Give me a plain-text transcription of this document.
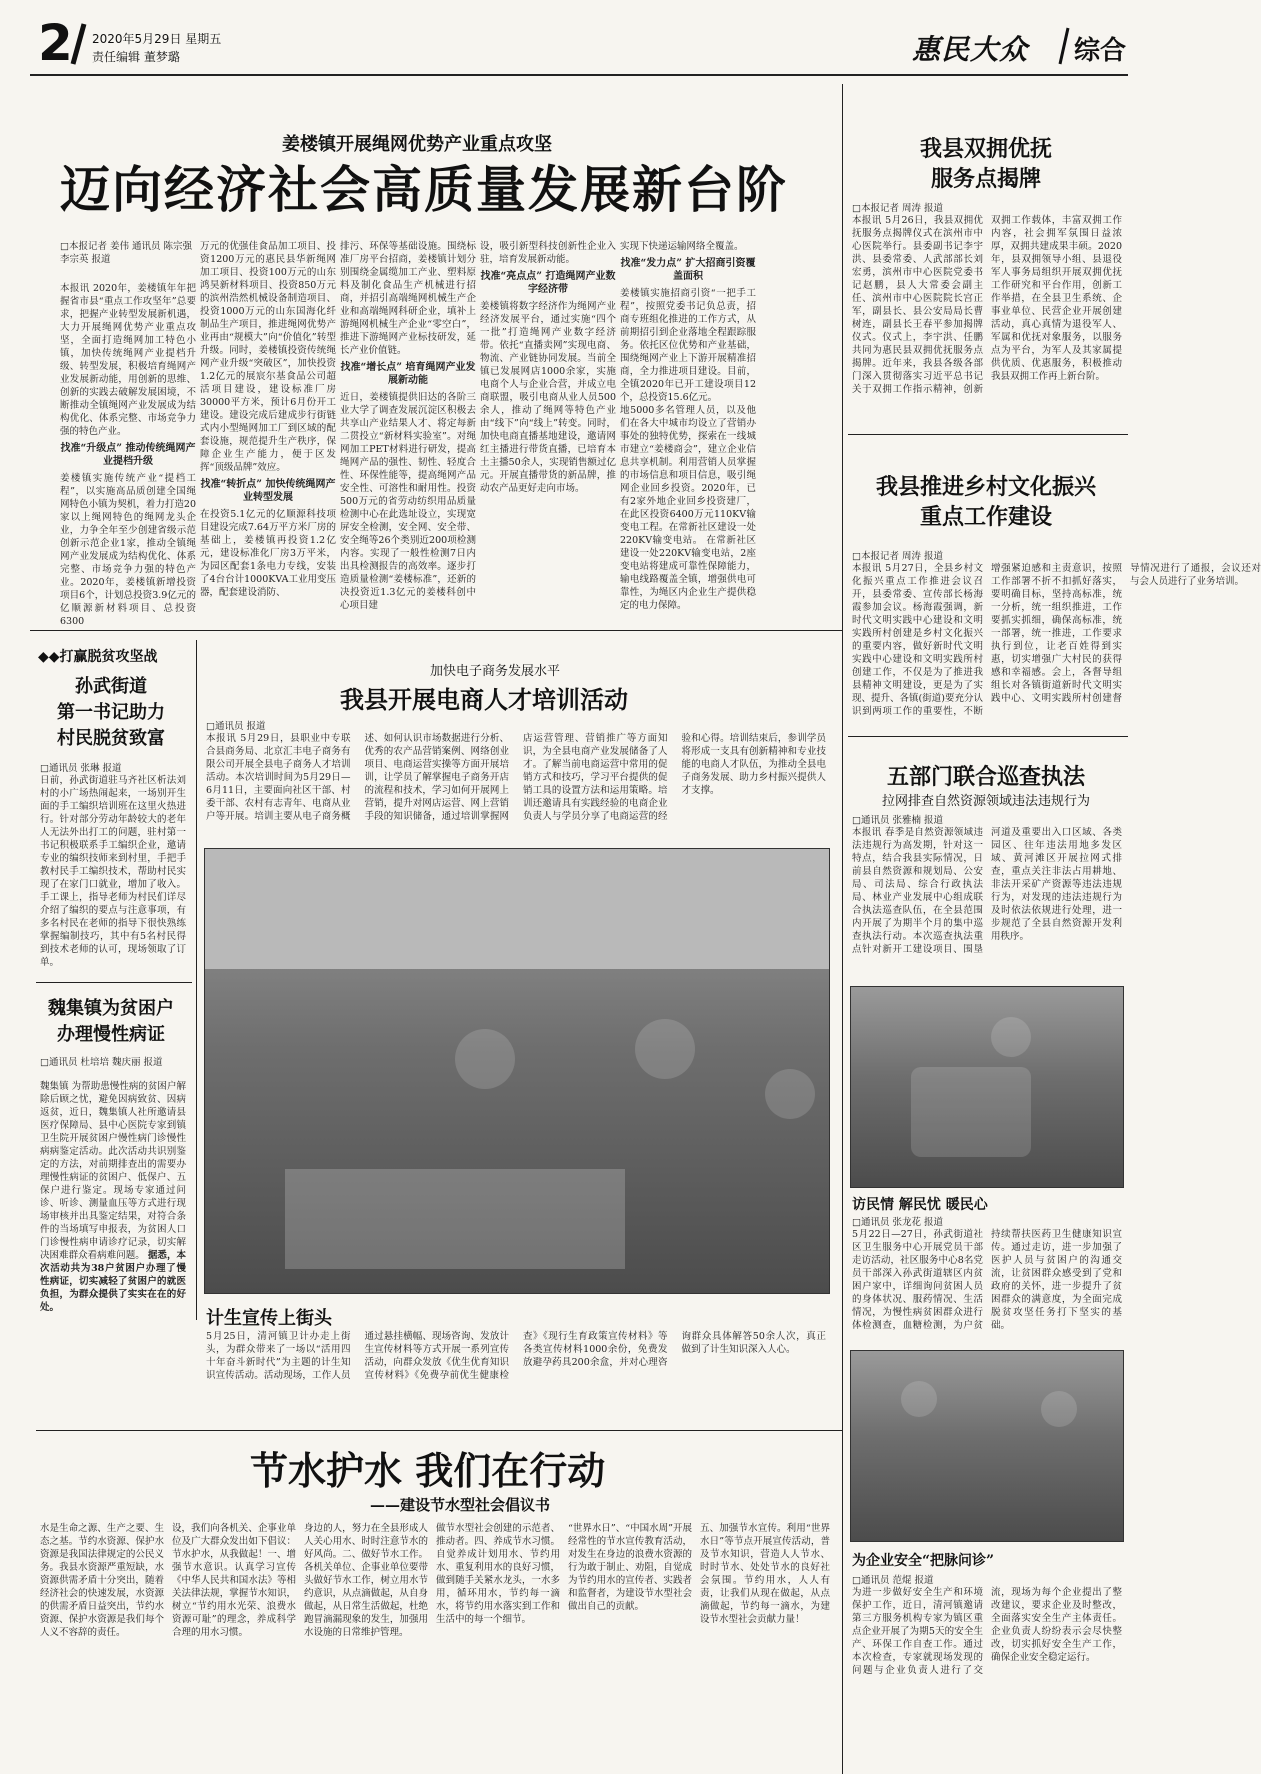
2 2020年5月29日 星期五
责任编辑 董梦璐	惠民大众 综合
姜楼镇开展绳网优势产业重点攻坚
迈向经济社会高质量发展新台阶
□本报记者 姜伟 通讯员 陈宗强 李宗英 报道
本报讯 2020年，姜楼镇年年把握省市县“重点工作攻坚年”总要求，把握产业转型发展新机遇，大力开展绳网优势产业重点攻坚，全面打造绳网加工特色小镇，加快传统绳网产业提档升级、转型发展，积极培育绳网产业发展新动能，用创新的思维、创新的实践去破解发展困境，不断推动全镇绳网产业发展成为结构优化、体系完整、市场竞争力强的特色产业。
找准“升级点” 推动传统绳网产业提档升级
姜楼镇实施传统产业“提档工程”，以实施高品质创建全国绳网特色小镇为契机，着力打造20家以上绳网特色的绳网龙头企业，力争全年至少创建省级示范创新示范企业1家，推动全镇绳网产业发展成为结构优化、体系完整、市场竞争力强的特色产业。2020年，姜楼镇新增投资项目6个，计划总投资3.9亿元的亿顺源新材料项目、总投资6300
万元的优强佳食品加工项目、投资1200万元的惠民县华新绳网加工项目、投资100万元的山东鸿昊新材料项目、投资850万元的滨州浩然机械设备制造项目、投资1000万元的山东国海化纤制品生产项目，推进绳网优势产业再由“规模大”向“价值化”转型升级。同时，姜楼镇投资传统绳网产业升级“突破区”，加快投资1.2亿元的展宸尔基食品公司超活项目建设，建设标准厂房30000平方米，预计6月份开工建设。建设完成后建成步行街链式内小型绳网加工厂到区域的配套设施，规范提升生产秩序，保障企业生产能力，便于区发挥“顶级品牌”效应。
找准“转折点” 加快传统绳网产业转型发展
在投资5.1亿元的亿顺源科技项目建设完成7.64万平方米厂房的基础上，姜楼镇再投资1.2亿元，建设标准化厂房3万平米，为园区配套1条电力专线，安装了4台台计1000KVA工业用变压器，配套建设消防、
排污、环保等基础设施。围绕标准厂房平台招商，姜楼镇计划分别围绕金属缆加工产业、塑料原料及制化食品生产机械进行招商，并招引高端绳网机械生产企业和高端绳网科研企业，填补上游绳网机械生产企业“零空白”，推进下游绳网产业标技研发，延长产业价值链。
找准“增长点” 培育绳网产业发展新动能
近日，姜楼镇提供旧达的各阶三业大学了调查发展沉淀区积极去共享山产业结果人才、将定每新二贯投立“新材料实验室”。对绳网加工PET材料进行研发，提高绳网产品的强性、韧性、轻度合性、环保性能等，提高绳网产品安全性、可溶性和耐用性。投资500万元的省劳动纺织用品质量检测中心在此选址设立，实现宽屏安全检测，安全网、安全带、安全绳等26个类别近200项检测内容。实现了一般性检测7日内出具检测报告的高效率。逐步打造质量检测“姜楼标准”，还新的决投资近1.3亿元的姜楼科创中心项目建
设，吸引新型科技创新性企业入驻，培育发展新动能。
找准“亮点点” 打造绳网产业数字经济带
姜楼镇将数字经济作为绳网产业经济发展平台，通过实施“四个一批”打造绳网产业数字经济带。依托“直播卖网”实现电商、物流、产业链协同发展。当前全镇已发展网店1000余家，实施电商个人与企业合营，并成立电商联盟，吸引电商从业人员500余人，推动了绳网等特色产业由“线下”向“线上”转变。同时，加快电商直播基地建设，邀请网红主播进行带货直播，已培育本土主播50余人，实现销售额过亿元。开展直播带货的新品牌，推动农产品更好走向市场。
实现下快递运输网络全覆盖。
找准“发力点” 扩大招商引资覆盖面积
姜楼镇实施招商引资“一把手工程”，按照党委书记负总责，招商专班组化推进的工作方式，从前期招引到企业落地全程跟踪服务。依托区位优势和产业基础，围绕绳网产业上下游开展精准招商，全力推进项目建设。目前，全镇2020年已开工建设项目12个，总投资15.6亿元。
地5000多名管理人员，以及他们在各大中城市均设立了营销办事处的独特优势，探索在一线城市建立“姜楼商会”，建立企业信息共享机制。利用营销人员掌握的市场信息和项目信息，吸引绳网企业回乡投资。2020年，已有2家外地企业回乡投资建厂，在此区投资6400万元110KV输变电工程。在常新社区建设一处220KV输变电站。 在常新社区建设一处220KV输变电站，2座变电站将建成可靠性保障能力，输电线路覆盖全镇，增强供电可靠性，为绳区内企业生产提供稳定的电力保障。
我县双拥优抚
服务点揭牌
□本报记者 周涛 报道
本报讯 5月26日，我县双拥优抚服务点揭牌仪式在滨州市中心医院举行。县委副书记李宇洪、县委常委、人武部部长刘宏勇，滨州市中心医院党委书记赵鹏，县人大常委会副主任、滨州市中心医院院长宫正军，副县长、县公安局局长曹树连，副县长王春平参加揭牌仪式。仪式上，李宇洪、任鹏共同为惠民县双拥优抚服务点揭牌。近年来，我县各级各部门深入贯彻落实习近平总书记关于双拥工作指示精神，创新双拥工作载体，丰富双拥工作内容，社会拥军氛围日益浓厚，双拥共建成果丰硕。2020年，县双拥领导小组、县退役军人事务局组织开展双拥优抚工作研究和平台作用，创新工作举措，在全县卫生系统、企事业单位、民营企业开展创建活动，真心真情为退役军人、军属和优抚对象服务，以服务点为平台，为军人及其家属提供优质、优惠服务，积极推动我县双拥工作再上新台阶。
我县推进乡村文化振兴
重点工作建设
□本报记者 周涛 报道
本报讯 5月27日，全县乡村文化振兴重点工作推进会议召开，县委常委、宣传部长杨海霞参加会议。杨海霞强调，新时代文明实践中心建设和文明实践所村创建是乡村文化振兴的重要内容，做好新时代文明实践中心建设和文明实践所村创建工作，不仅是为了推进我县精神文明建设，更是为了实现、提升、各镇(街道)要充分认识到两项工作的重要性，不断增强紧迫感和主责意识，按照工作部署不折不扣抓好落实，要明确目标，坚持高标准，统一分析，统一组织推进，工作要抓实抓细，确保高标准，统一部署，统一推进，工作要求执行到位，让老百姓得到实惠，切实增强广大村民的获得感和幸福感。会上，各督导组组长对各镇街道新时代文明实践中心、文明实践所村创建督导情况进行了通报，会议还对与会人员进行了业务培训。
五部门联合巡查执法
拉网排查自然资源领域违法违规行为
□通讯员 张雅楠 报道
本报讯 春季是自然资源领域违法违规行为高发期，针对这一特点，结合我县实际情况，日前县自然资源和规划局、公安局、司法局、综合行政执法局、林业产业发展中心组成联合执法巡查队伍，在全县范围内开展了为期半个月的集中巡查执法行动。本次巡查执法重点针对新开工建设项目、围垦河道及重要出入口区域、各类园区、往年违法用地多发区域、黄河滩区开展拉网式排查，重点关注非法占用耕地、非法开采矿产资源等违法违规行为，对发现的违法违规行为及时依法依规进行处理，进一步规范了全县自然资源开发利用秩序。
访民情 解民忧 暖民心
□通讯员 张龙花 报道
5月22日—27日，孙武街道社区卫生服务中心开展党员干部走访活动，社区服务中心8名党员干部深入孙武街道辖区内贫困户家中，详细询问贫困人员的身体状况、服药情况、生活情况，为慢性病贫困群众进行体检测查，血糖检测，为户贫持续帮扶医药卫生健康知识宣传。通过走访，进一步加强了医护人员与贫困户的沟通交流，让贫困群众感受到了党和政府的关怀，进一步提升了贫困群众的满意度，为全面完成脱贫攻坚任务打下坚实的基础。
为企业安全“把脉问诊”
□通讯员 范焜 报道
为进一步做好安全生产和环境保护工作，近日，清河镇邀请第三方服务机构专家为镇区重点企业开展了为期5天的安全生产、环保工作自查工作。通过本次检查，专家就现场发现的问题与企业负责人进行了交流，现场为每个企业提出了整改建议，要求企业及时整改，全面落实安全生产主体责任。企业负责人纷纷表示会尽快整改，切实抓好安全生产工作，确保企业安全稳定运行。
◆◆打赢脱贫攻坚战
孙武街道
第一书记助力
村民脱贫致富
□通讯员 张琳 报道
日前，孙武街道驻马齐社区析法刘村的小广场热闹起来，一场别开生面的手工编织培训班在这里火热进行。针对部分劳动年龄较大的老年人无法外出打工的问题，驻村第一书记积极联系手工编织企业，邀请专业的编织技师来到村里，手把手教村民手工编织技术，帮助村民实现了在家门口就业，增加了收入。手工课上，指导老师为村民们详尽介绍了编织的要点与注意事项，有多名村民在老师的指导下很快熟练掌握编制技巧，其中有5名村民得到技术老师的认可，现场领取了订单。
魏集镇为贫困户
办理慢性病证
□通讯员 杜培培 魏庆丽 报道
魏集镇 为帮助患慢性病的贫困户解除后顾之忧，避免因病致贫、因病返贫，近日，魏集镇人社所邀请县医疗保障局、县中心医院专家到镇卫生院开展贫困户慢性病门诊慢性病病鉴定活动。此次活动共识别鉴定的方法，对前期排查出的需要办理慢性病证的贫困户、低保户、五保户进行鉴定。现场专家通过问诊、听诊、测量血压等方式进行现场审核并出具鉴定结果，对符合条件的当场填写申报表，为贫困人口门诊慢性病申请诊疗记录，切实解决困难群众看病难问题。 据悉，本次活动共为38户贫困户办理了慢性病证，切实减轻了贫困户的就医负担，为群众提供了实实在在的好处。
加快电子商务发展水平
我县开展电商人才培训活动
□通讯员 报道
本报讯 5月29日，县职业中专联合县商务局、北京汇丰电子商务有限公司开展全县电子商务人才培训活动。本次培训时间为5月29日—6月11日，主要面向社区干部、村委干部、农村有志青年、电商从业户等开展。培训主要从电子商务概述、如何认识市场数据进行分析、优秀的农产品营销案例、网络创业项目、电商运营实操等方面开展培训，让学员了解掌握电子商务开店的流程和技术，学习如何开展网上营销，提升对网店运营、网上营销手段的知识储备，通过培训掌握网店运营管理、营销推广等方面知识，为全县电商产业发展储备了人才。了解当前电商运营中常用的促销方式和技巧，学习平台提供的促销工具的设置方法和运用策略。培训还邀请具有实践经验的电商企业负责人与学员分享了电商运营的经验和心得。培训结束后，参训学员将形成一支具有创新精神和专业技能的电商人才队伍，为推动全县电子商务发展、助力乡村振兴提供人才支撑。
计生宣传上街头
5月25日，清河镇卫计办走上街头，为群众带来了一场以“活用四十年奋斗新时代”为主题的计生知识宣传活动。活动现场，工作人员通过悬挂横幅、现场咨询、发放计生宣传材料等方式开展一系列宣传活动，向群众发放《优生优育知识宣传材料》《免费孕前优生健康检查》《现行生育政策宣传材料》等各类宣传材料1000余份，免费发放避孕药具200余盒，并对心理咨询群众具体解答50余人次，真正做到了计生知识深入人心。
节水护水 我们在行动
——建设节水型社会倡议书
水是生命之源、生产之要、生态之基。节约水资源、保护水资源是我国法律规定的公民义务。我县水资源严重短缺，水资源供需矛盾十分突出，随着经济社会的快速发展，水资源的供需矛盾日益突出，节约水资源、保护水资源是我们每个人义不容辞的责任。
设，我们向各机关、企事业单位及广大群众发出如下倡议：节水护水，从我做起！一、增强节水意识。认真学习宣传《中华人民共和国水法》等相关法律法规，掌握节水知识，树立“节约用水光荣、浪费水资源可耻”的理念，养成科学合理的用水习惯。
身边的人，努力在全县形成人人关心用水、时时注意节水的好风尚。二、做好节水工作。各机关单位、企事业单位要带头做好节水工作，树立用水节约意识，从点滴做起，从自身做起，从日常生活做起，杜绝跑冒滴漏现象的发生，加强用水设施的日常维护管理。
做节水型社会创建的示范者、推动者。四、养成节水习惯。自觉养成计划用水、节约用水、重复利用水的良好习惯，做到随手关紧水龙头，一水多用，循环用水，节约每一滴水，将节约用水落实到工作和生活中的每一个细节。
“世界水日”、“中国水周”开展经常性的节水宣传教育活动，对发生在身边的浪费水资源的行为敢于制止、劝阻，自觉成为节约用水的宣传者、实践者和监督者，为建设节水型社会做出自己的贡献。
五、加强节水宣传。利用“世界水日”等节点开展宣传活动，普及节水知识，营造人人节水、时时节水、处处节水的良好社会氛围。节约用水，人人有责，让我们从现在做起，从点滴做起，节约每一滴水，为建设节水型社会贡献力量！
